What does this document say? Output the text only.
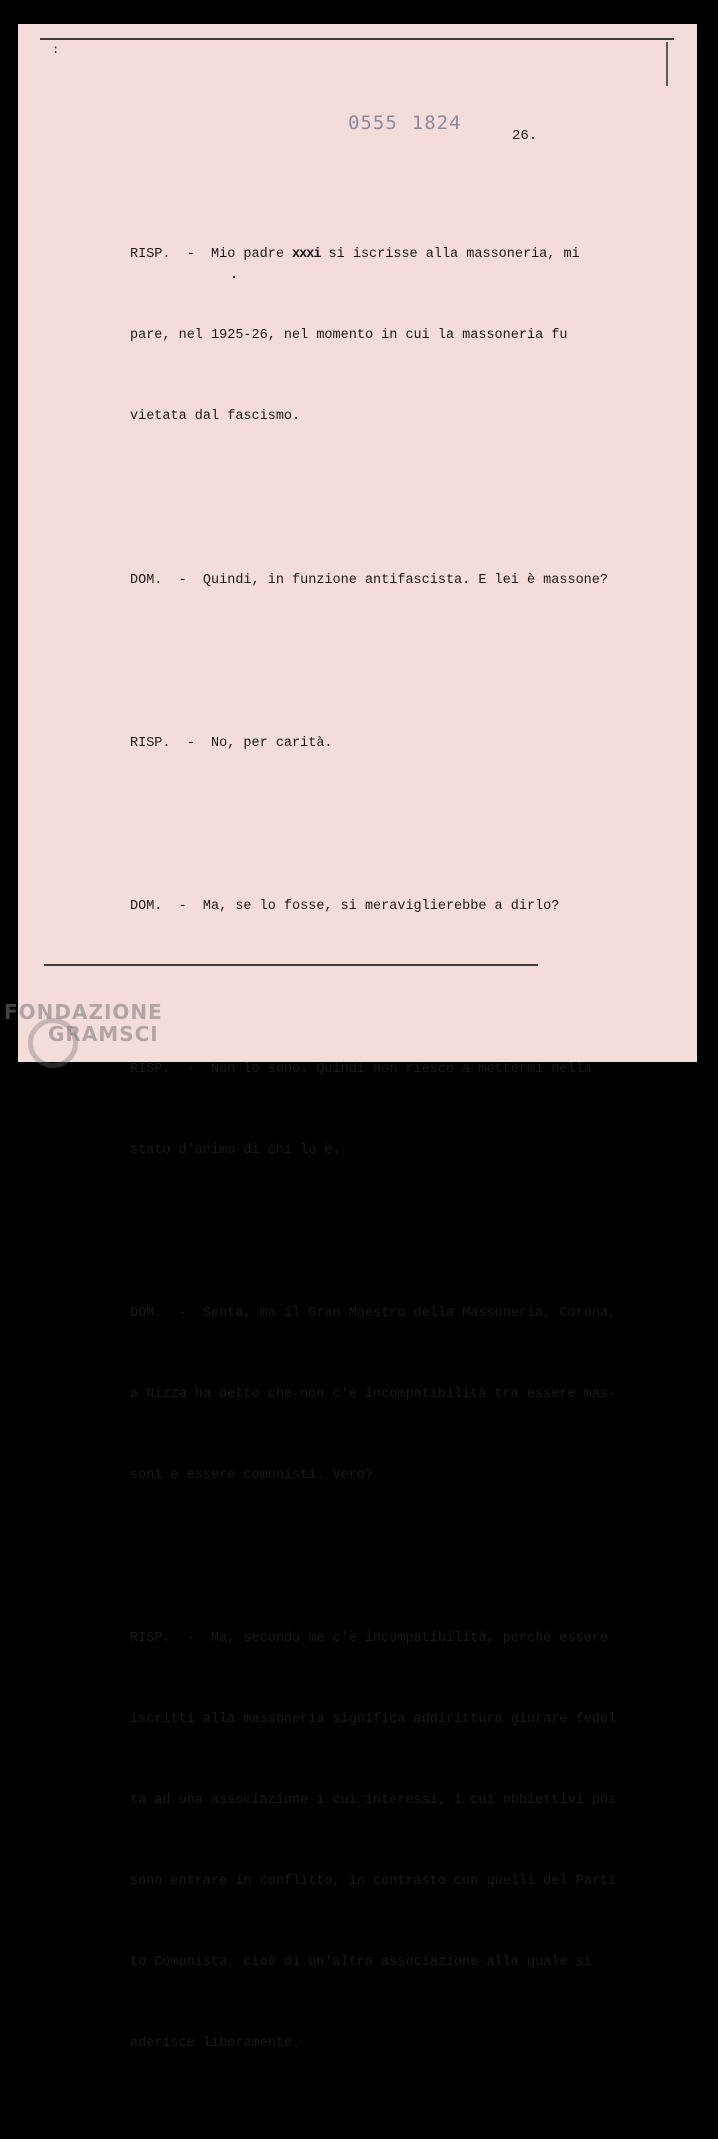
:
0555 1824
26.

RISP.  -  Mio padre xxxi si iscrisse alla massoneria, mi

pare, nel 1925-26, nel momento in cui la massoneria fu

vietata dal fascismo.

DOM.  -  Quindi, in funzione antifascista. E lei è massone?

RISP.  -  No, per carità.

DOM.  -  Ma, se lo fosse, si meraviglierebbe a dirlo?

RISP.  -  Non lo sono. Quindi non riesco a mettermi nella

stato d'animo di chi lo è.

DOM.  -  Senta, ma il Gran Maestro della Massoneria, Corona,

a Nizza ha detto che non c'è incompatibilità tra essere mas-

soni e essere comunisti. Vero?

RISP.  -  Ma, secondo me c'è incompatibilità, perchè essere

iscritti alla massoneria significa addirittura giurare fedel

tà ad una associazione i cui interessi, i cui obbiettivi pos

sono entrare in conflitto, in contrasto con quelli del Parti

to Comunista, cioè di un'altra associazione alla quale si

aderisce liberamente.

FONDAZIONE
GRAMSCI
